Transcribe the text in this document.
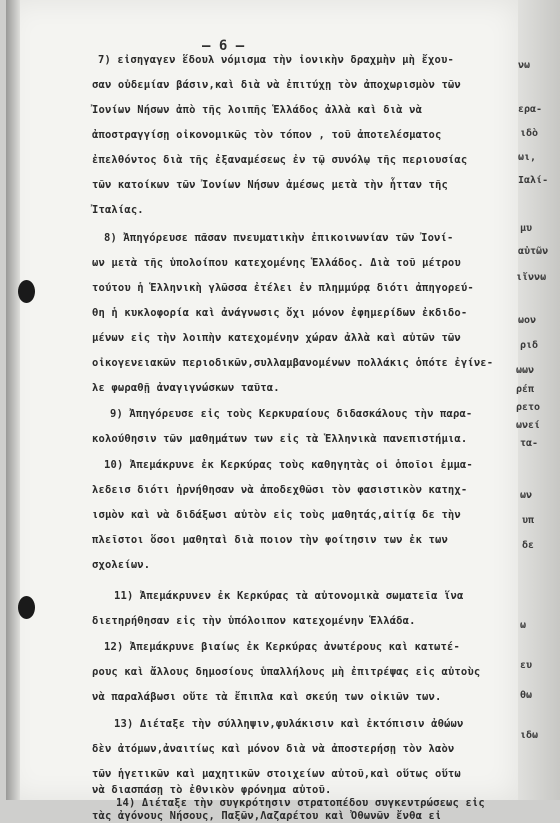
— 6 —
7) εἰσηγαγεν ἕδουλ νόμισμα τὴν ἰονικὴν δραχμὴν μὴ ἔχου-
σαν οὐδεμίαν βάσιν,καὶ διὰ νὰ ἐπιτύχῃ τὸν ἀποχωρισμὸν τῶν
Ἰονίων Νήσων ἀπὸ τῆς λοιπῆς Ἑλλάδος ἀλλὰ καὶ διὰ νὰ
ἀποστραγγίσῃ οἰκονομικῶς τὸν τόπον , τοῦ ἀποτελέσματος
ἐπελθόντος διὰ τῆς ἐξαναμέσεως ἐν τῷ συνόλῳ τῆς περιουσίας
τῶν κατοίκων τῶν Ἰονίων Νήσων ἀμέσως μετὰ τὴν ἧτταν τῆς
Ἰταλίας.
8) Ἀπηγόρευσε πᾶσαν πνευματικὴν ἐπικοινωνίαν τῶν Ἰονί-
ων μετὰ τῆς ὑπολοίπου κατεχομένης Ἑλλάδος. Διὰ τοῦ μέτρου
τούτου ἡ Ἑλληνικὴ γλῶσσα ἐτέλει ἐν πλημμύρᾳ διότι ἀπηγορεύ-
θη ἡ κυκλοφορία καὶ ἀνάγνωσις ὄχι μόνον ἐφημερίδων ἐκδιδο-
μένων εἰς τὴν λοιπὴν κατεχομένην χώραν ἀλλὰ καὶ αὐτῶν τῶν
οἰκογενειακῶν περιοδικῶν,συλλαμβανομένων πολλάκις ὁπότε ἐγίνε-
λε φωραθῇ ἀναγιγνώσκων ταῦτα.
9) Ἀπηγόρευσε εἰς τοὺς Κερκυραίους διδασκάλους τὴν παρα-
κολούθησιν τῶν μαθημάτων των εἰς τὰ Ἑλληνικὰ πανεπιστήμια.
10) Ἀπεμάκρυνε ἐκ Κερκύρας τοὺς καθηγητὰς οἱ ὁποῖοι ἐμμα-
λεδεισ διότι ἠρνήθησαν νὰ ἀποδεχθῶσι τὸν φασιστικὸν κατηχ-
ισμὸν καὶ νὰ διδάξωσι αὐτὸν εἰς τοὺς μαθητάς,αἰτίᾳ δε τὴν
πλεῖστοι ὅσοι μαθηταὶ διὰ ποιον τὴν φοίτησιν των ἐκ των
σχολείων.
11) Ἀπεμάκρυνεν ἐκ Κερκύρας τὰ αὐτονομικὰ σωματεῖα ἵνα
διετηρήθησαν εἰς τὴν ὑπόλοιπον κατεχομένην Ἑλλάδα.
12) Ἀπεμάκρυνε βιαίως ἐκ Κερκύρας ἀνωτέρους καὶ κατωτέ-
ρους καὶ ἄλλους δημοσίους ὑπαλλήλους μὴ ἐπιτρέψας εἰς αὐτοὺς
νὰ παραλάβωσι οὔτε τὰ ἔπιπλα καὶ σκεύη των οἰκιῶν των.
13) Διέταξε τὴν σύλληψιν,φυλάκισιν καὶ ἐκτόπισιν ἀθώων
δὲν ἀτόμων,ἀναιτίως καὶ μόνον διὰ νὰ ἀποστερήσῃ τὸν λαὸν
τῶν ἡγετικῶν καὶ μαχητικῶν στοιχείων αὐτοῦ,καὶ οὕτως οὕτω
νὰ διασπάσῃ τὸ ἐθνικὸν φρόνημα αὐτοῦ.
14) Διέταξε τὴν συγκρότησιν στρατοπέδου συγκεντρώσεως εἰς
τὰς ἀγόνους Νήσους, Παξῶν,Λαζαρέτου καὶ Ὀθωνῶν ἔνθα εἰ
νω
ερα-
ιδὸ
ωι,
Ιαλί-
μυ
αὐτῶν
ιἴννω
ωον
ριδ
ωων
ρέπ
ρετο
ωνεί
τα-
ων
υπ
δε
ω
ευ
θω
ιδω
